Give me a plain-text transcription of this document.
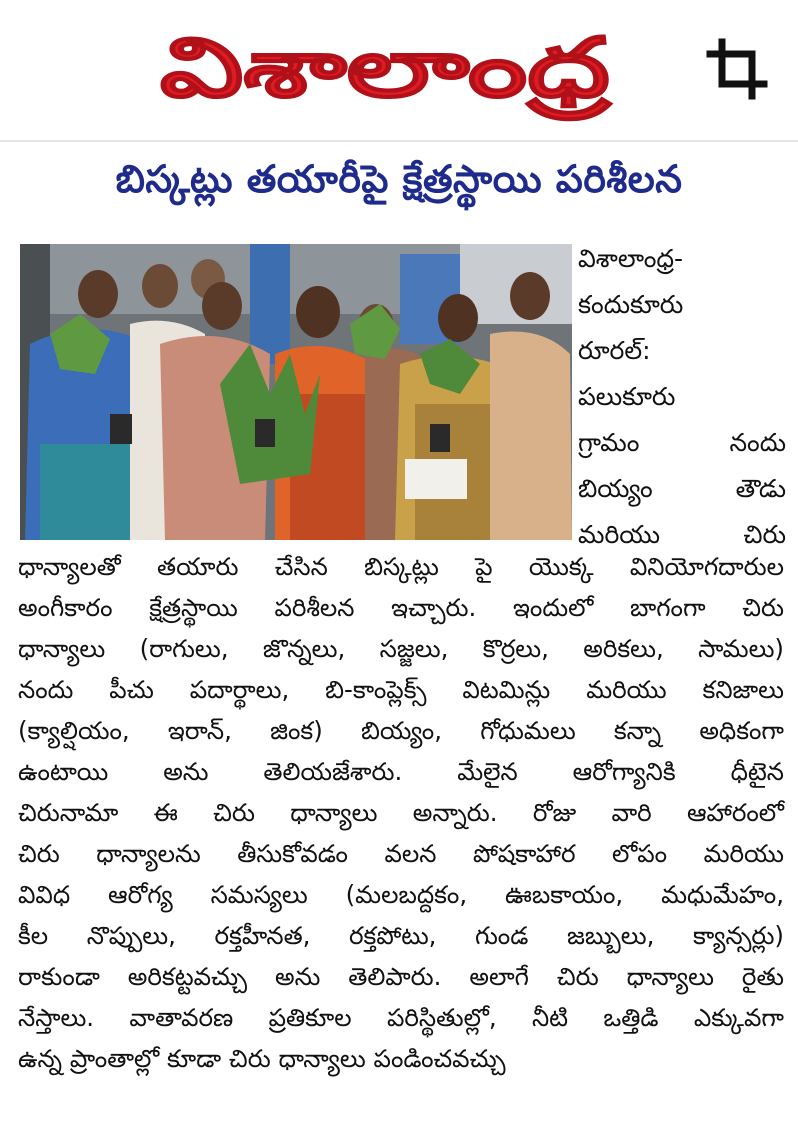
విశాలాంధ్ర
బిస్కట్లు తయారీపై క్షేత్రస్థాయి పరిశీలన
విశాలాంధ్ర-
కందుకూరు
రూరల్:
పలుకూరు
గ్రామం నందు
బియ్యం తౌడు
మరియు చిరు
ధాన్యాలతో తయారు చేసిన బిస్కట్లు పై యొక్క వినియోగదారుల
అంగీకారం క్షేత్రస్థాయి పరిశీలన ఇచ్చారు. ఇందులో బాగంగా చిరు
ధాన్యాలు (రాగులు, జొన్నలు, సజ్జలు, కొర్రలు, అరికలు, సామలు)
నందు పీచు పదార్థాలు, బి-కాంప్లెక్స్ విటమిన్లు మరియు కనిజాలు
(క్యాల్షియం, ఇరాన్, జింక) బియ్యం, గోధుమలు కన్నా అధికంగా
ఉంటాయి అను తెలియజేశారు. మేలైన ఆరోగ్యానికి ధీటైన
చిరునామా ఈ చిరు ధాన్యాలు అన్నారు. రోజు వారి ఆహారంలో
చిరు ధాన్యాలను తీసుకోవడం వలన పోషకాహార లోపం మరియు
వివిధ ఆరోగ్య సమస్యలు (మలబద్దకం, ఊబకాయం, మధుమేహం,
కీల నొప్పులు, రక్తహీనత, రక్తపోటు, గుండ జబ్బులు, క్యాన్సర్లు)
రాకుండా అరికట్టవచ్చు అను తెలిపారు. అలాగే చిరు ధాన్యాలు రైతు
నేస్తాలు. వాతావరణ ప్రతికూల పరిస్థితుల్లో, నీటి ఒత్తిడి ఎక్కువగా
ఉన్న ప్రాంతాల్లో కూడా చిరు ధాన్యాలు పండించవచ్చు
